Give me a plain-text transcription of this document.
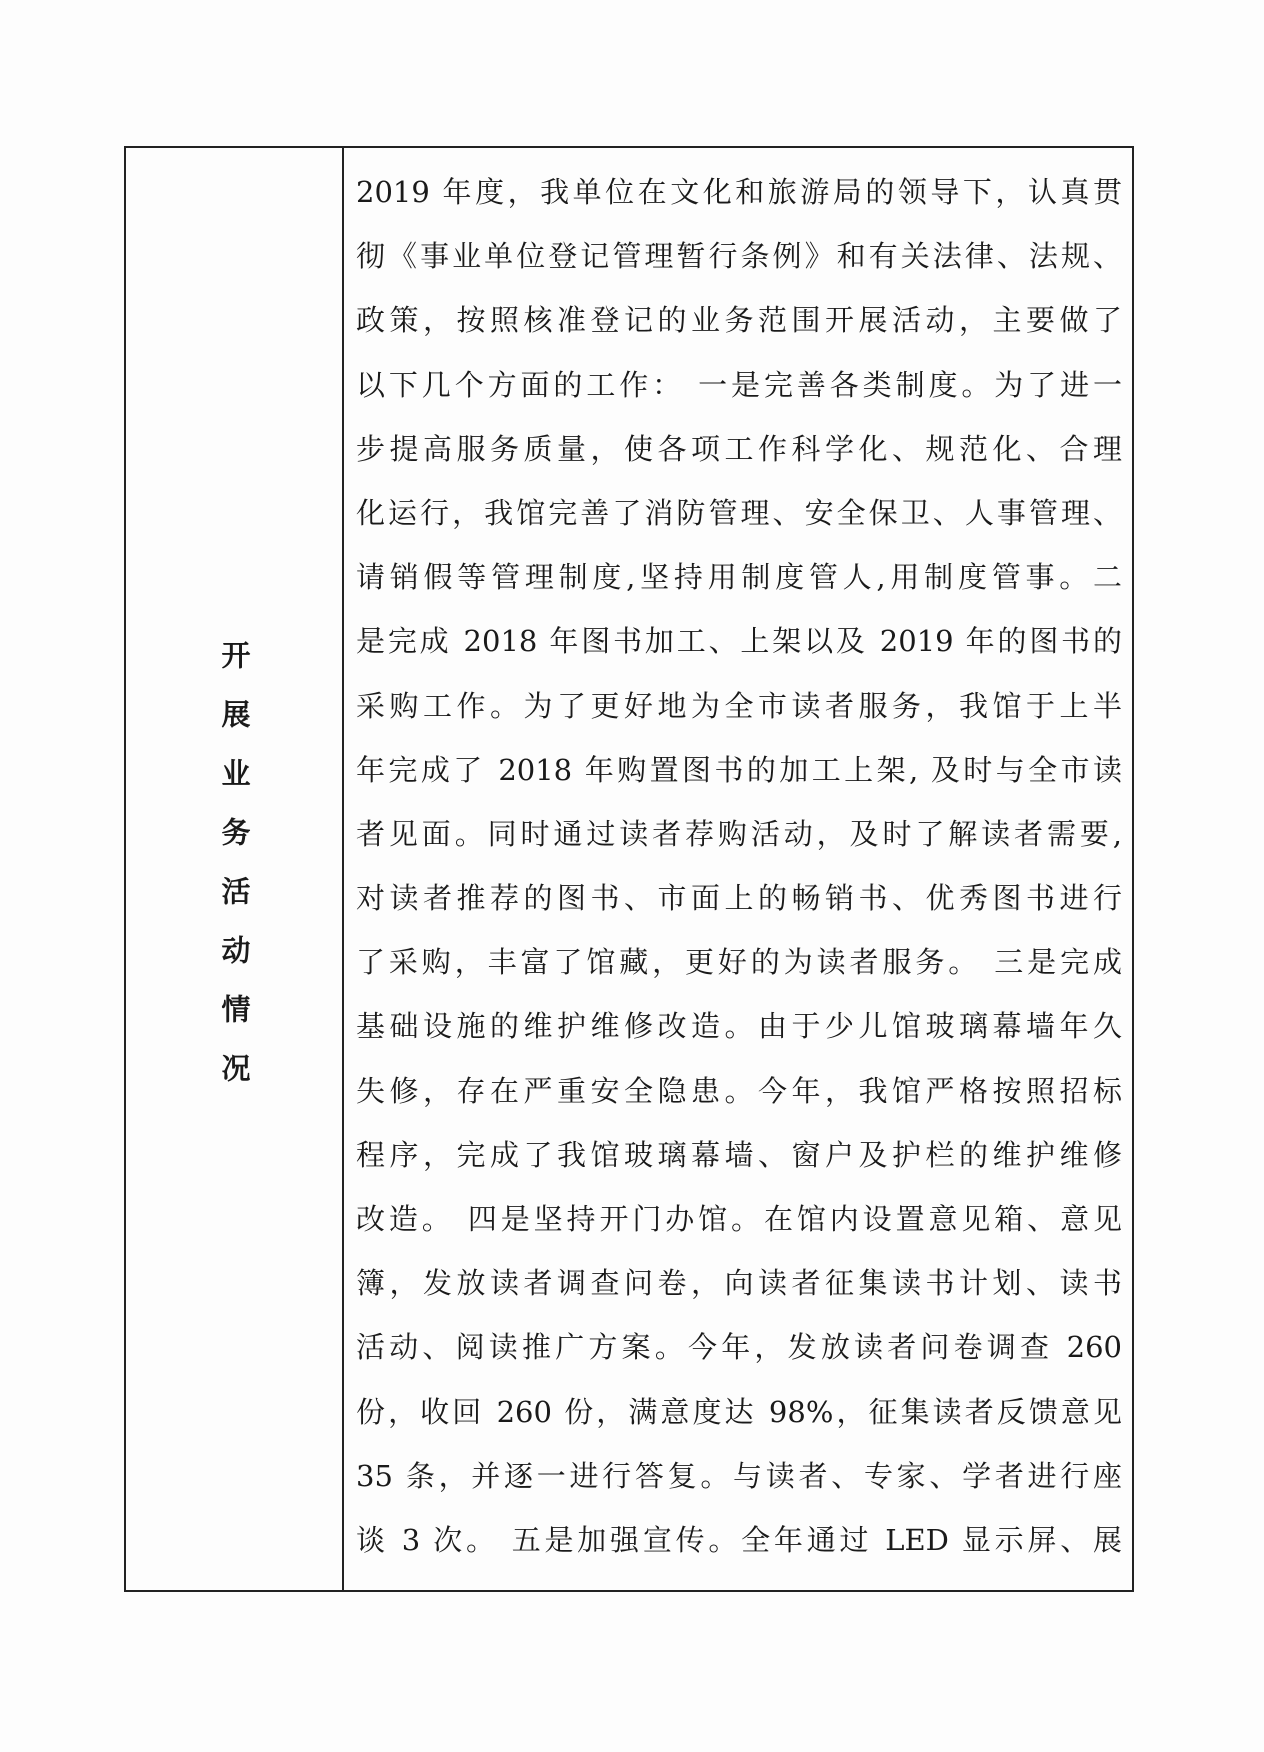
开展业务活动情况
2019 年度，我单位在文化和旅游局的领导下，认真贯
彻《事业单位登记管理暂行条例》和有关法律、法规、
政策，按照核准登记的业务范围开展活动，主要做了
以下几个方面的工作： 一是完善各类制度。为了进一
步提高服务质量，使各项工作科学化、规范化、合理
化运行，我馆完善了消防管理、安全保卫、人事管理、
请销假等管理制度,坚持用制度管人,用制度管事。二
是完成 2018 年图书加工、上架以及 2019 年的图书的
采购工作。为了更好地为全市读者服务，我馆于上半
年完成了 2018 年购置图书的加工上架, 及时与全市读
者见面。同时通过读者荐购活动，及时了解读者需要,
对读者推荐的图书、市面上的畅销书、优秀图书进行
了采购，丰富了馆藏，更好的为读者服务。 三是完成
基础设施的维护维修改造。由于少儿馆玻璃幕墙年久
失修，存在严重安全隐患。今年，我馆严格按照招标
程序，完成了我馆玻璃幕墙、窗户及护栏的维护维修
改造。 四是坚持开门办馆。在馆内设置意见箱、意见
簿，发放读者调查问卷，向读者征集读书计划、读书
活动、阅读推广方案。今年，发放读者问卷调查 260
份，收回 260 份，满意度达 98%，征集读者反馈意见
35 条，并逐一进行答复。与读者、专家、学者进行座
谈 3 次。 五是加强宣传。全年通过 LED 显示屏、展
